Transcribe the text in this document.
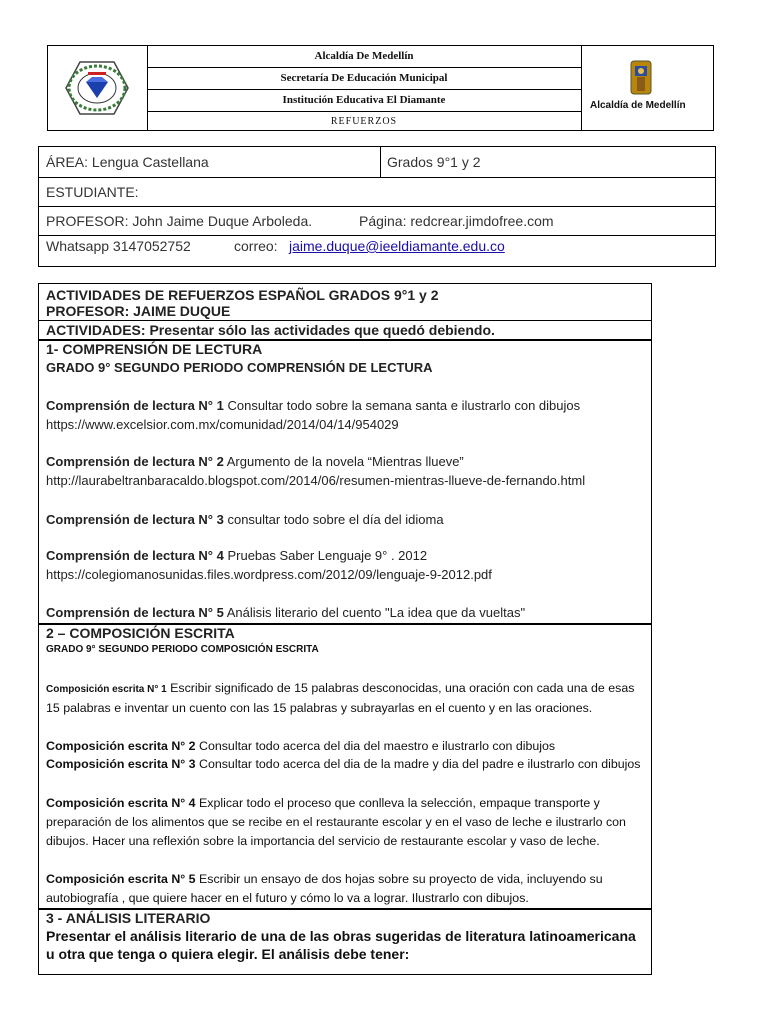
Alcaldía De Medellín
Secretaría De Educación Municipal
Institución Educativa El Diamante
REFUERZOS
Alcaldía de Medellín
ÁREA: Lengua Castellana	Grados 9°1 y 2
ESTUDIANTE:
PROFESOR: John Jaime Duque Arboleda.	Página: redcrear.jimdofree.com
Whatsapp 3147052752	correo: jaime.duque@ieeldiamante.edu.co
ACTIVIDADES DE REFUERZOS ESPAÑOL GRADOS 9°1 y 2
PROFESOR: JAIME DUQUE
ACTIVIDADES: Presentar sólo las actividades que quedó debiendo.
1- COMPRENSIÓN DE LECTURA
GRADO 9° SEGUNDO PERIODO COMPRENSIÓN DE LECTURA
Comprensión de lectura N° 1 Consultar todo sobre la semana santa e ilustrarlo con dibujos
https://www.excelsior.com.mx/comunidad/2014/04/14/954029
Comprensión de lectura N° 2 Argumento de la novela “Mientras llueve”
http://laurabeltranbaracaldo.blogspot.com/2014/06/resumen-mientras-llueve-de-fernando.html
Comprensión de lectura N° 3 consultar todo sobre el día del idioma
Comprensión de lectura N° 4 Pruebas Saber Lenguaje 9° . 2012
https://colegiomanosunidas.files.wordpress.com/2012/09/lenguaje-9-2012.pdf
Comprensión de lectura N° 5 Análisis literario del cuento "La idea que da vueltas"
2 – COMPOSICIÓN ESCRITA
GRADO 9° SEGUNDO PERIODO COMPOSICIÓN ESCRITA
Composición escrita N° 1 Escribir significado de 15 palabras desconocidas, una oración con cada una de esas 15 palabras e inventar un cuento con las 15 palabras y subrayarlas en el cuento y en las oraciones.
Composición escrita N° 2 Consultar todo acerca del dia del maestro e ilustrarlo con dibujos
Composición escrita N° 3 Consultar todo acerca del dia de la madre y dia del padre e ilustrarlo con dibujos
Composición escrita N° 4 Explicar todo el proceso que conlleva la selección, empaque transporte y preparación de los alimentos que se recibe en el restaurante escolar y en el vaso de leche e ilustrarlo con dibujos. Hacer una reflexión sobre la importancia del servicio de restaurante escolar y vaso de leche.
Composición escrita N° 5 Escribir un ensayo de dos hojas sobre su proyecto de vida, incluyendo su autobiografía , que quiere hacer en el futuro y cómo lo va a lograr. Ilustrarlo con dibujos.
3 - ANÁLISIS LITERARIO
Presentar el análisis literario de una de las obras sugeridas de literatura latinoamericana u otra que tenga o quiera elegir. El análisis debe tener:
